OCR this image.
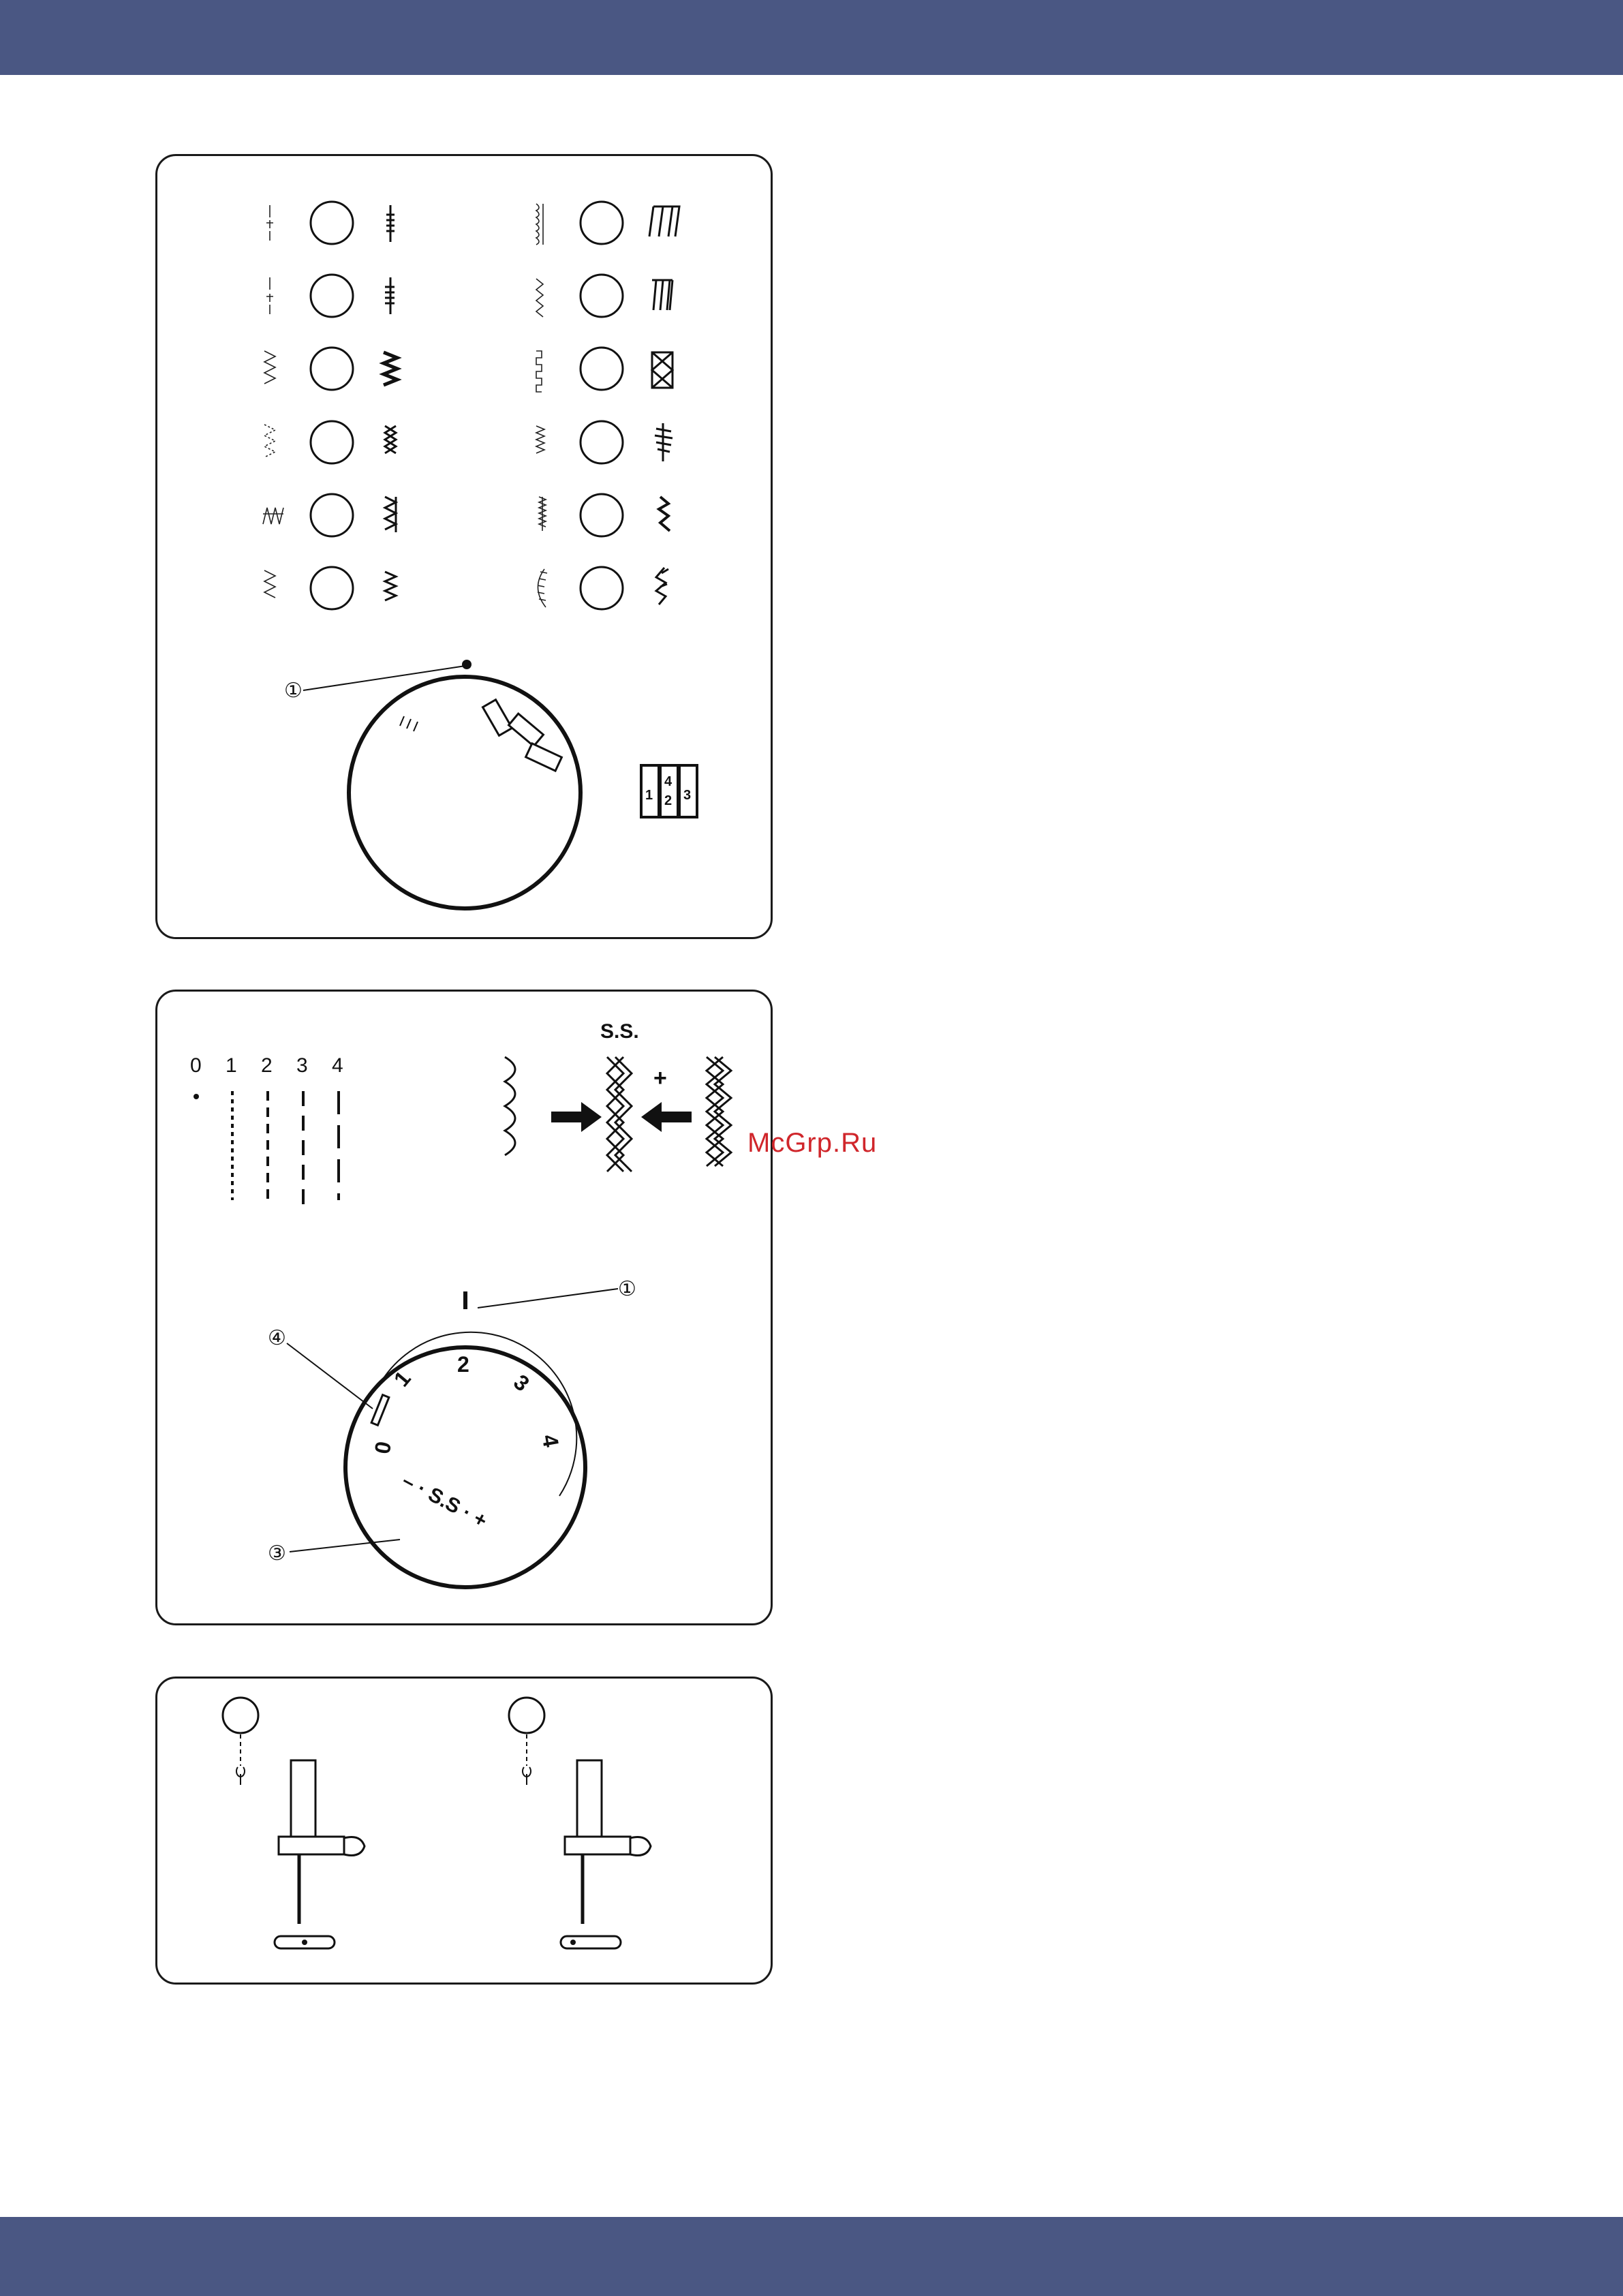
①
1
4
2 3
0 1 2 3 4
S.S.
+
①
0
1
2
3
4
– · S.S · +
④
③
McGrp.Ru
